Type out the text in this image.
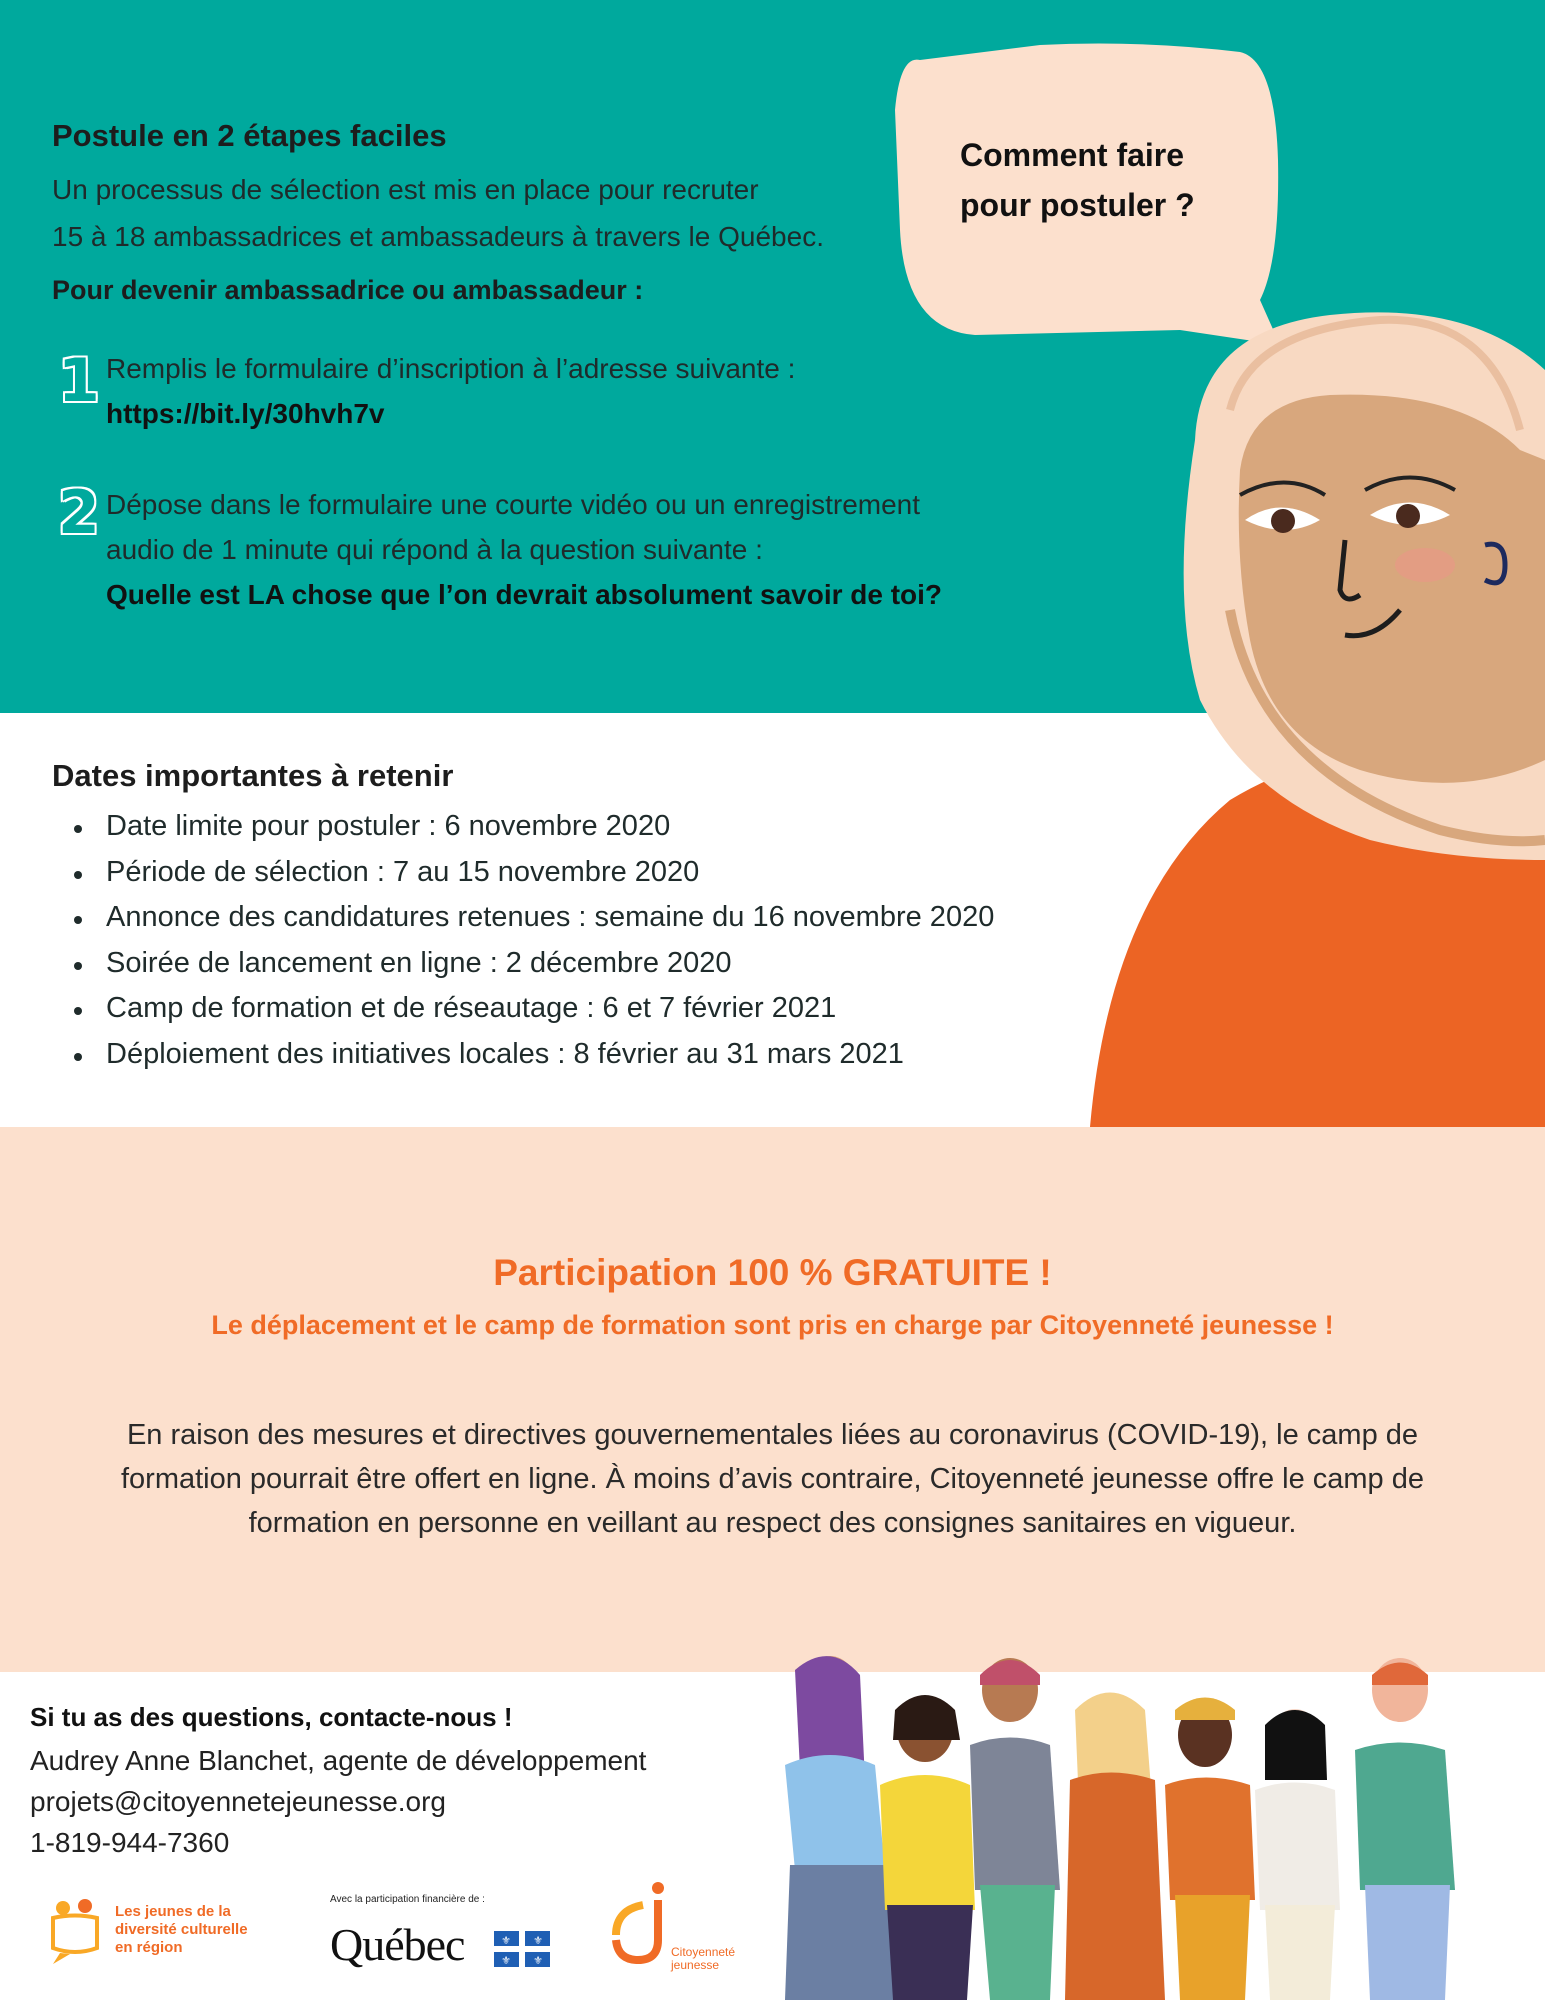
Postule en 2 étapes faciles
Un processus de sélection est mis en place pour recruter
15 à 18 ambassadrices et ambassadeurs à travers le Québec.
Pour devenir ambassadrice ou ambassadeur :
1 Remplis le formulaire d’inscription à l’adresse suivante :
https://bit.ly/30hvh7v
2 Dépose dans le formulaire une courte vidéo ou un enregistrement
audio de 1 minute qui répond à la question suivante :
Quelle est LA chose que l’on devrait absolument savoir de toi?
Comment faire
pour postuler ?
Dates importantes à retenir
Date limite pour postuler : 6 novembre 2020
Période de sélection : 7 au 15 novembre 2020
Annonce des candidatures retenues : semaine du 16 novembre 2020
Soirée de lancement en ligne : 2 décembre 2020
Camp de formation et de réseautage : 6 et 7 février 2021
Déploiement des initiatives locales : 8 février au 31 mars 2021
Participation 100 % GRATUITE !
Le déplacement et le camp de formation sont pris en charge par Citoyenneté jeunesse !
En raison des mesures et directives gouvernementales liées au coronavirus (COVID-19), le camp de
formation pourrait être offert en ligne. À moins d’avis contraire, Citoyenneté jeunesse offre le camp de
formation en personne en veillant au respect des consignes sanitaires en vigueur.
Si tu as des questions, contacte-nous !
Audrey Anne Blanchet, agente de développement
projets@citoyennetejeunesse.org
1-819-944-7360
Les jeunes de la
diversité culturelle
en région
Avec la participation financière de :
Québec	⚜ ⚜
⚜ ⚜
Citoyenneté
jeunesse
